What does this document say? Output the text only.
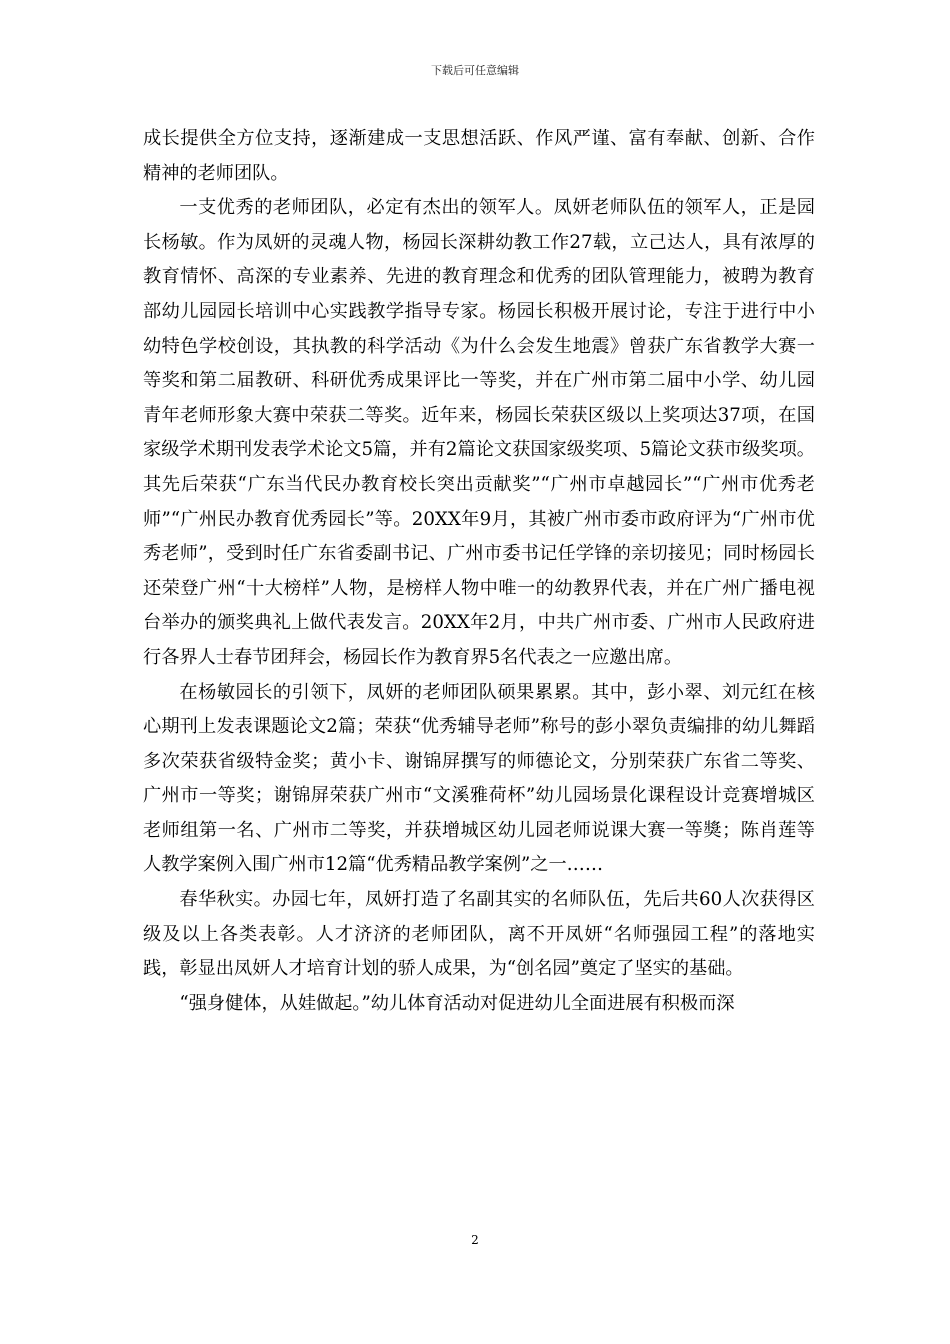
下载后可任意编辑

成长提供全方位支持，逐渐建成一支思想活跃、作风严谨、富有奉献、创新、合作精神的老师团队。

一支优秀的老师团队，必定有杰出的领军人。凤妍老师队伍的领军人，正是园长杨敏。作为凤妍的灵魂人物，杨园长深耕幼教工作27载，立己达人，具有浓厚的教育情怀、高深的专业素养、先进的教育理念和优秀的团队管理能力，被聘为教育部幼儿园园长培训中心实践教学指导专家。杨园长积极开展讨论，专注于进行中小幼特色学校创设，其执教的科学活动《为什么会发生地震》曾获广东省教学大赛一等奖和第二届教研、科研优秀成果评比一等奖，并在广州市第二届中小学、幼儿园青年老师形象大赛中荣获二等奖。近年来，杨园长荣获区级以上奖项达37项，在国家级学术期刊发表学术论文5篇，并有2篇论文获国家级奖项、5篇论文获市级奖项。其先后荣获“广东当代民办教育校长突出贡献奖”“广州市卓越园长”“广州市优秀老师”“广州民办教育优秀园长”等。20XX年9月，其被广州市委市政府评为“广州市优秀老师”，受到时任广东省委副书记、广州市委书记任学锋的亲切接见；同时杨园长还荣登广州“十大榜样”人物，是榜样人物中唯一的幼教界代表，并在广州广播电视台举办的颁奖典礼上做代表发言。20XX年2月，中共广州市委、广州市人民政府进行各界人士春节团拜会，杨园长作为教育界5名代表之一应邀出席。

在杨敏园长的引领下，凤妍的老师团队硕果累累。其中，彭小翠、刘元红在核心期刊上发表课题论文2篇；荣获“优秀辅导老师”称号的彭小翠负责编排的幼儿舞蹈多次荣获省级特金奖；黄小卡、谢锦屏撰写的师德论文，分别荣获广东省二等奖、广州市一等奖；谢锦屏荣获广州市“文溪雅荷杯”幼儿园场景化课程设计竞赛增城区老师组第一名、广州市二等奖，并获增城区幼儿园老师说课大赛一等獎；陈肖莲等人教学案例入围广州市12篇“优秀精品教学案例”之一……

春华秋实。办园七年，凤妍打造了名副其实的名师队伍，先后共60人次获得区级及以上各类表彰。人才济济的老师团队，离不开凤妍“名师强园工程”的落地实践，彰显出凤妍人才培育计划的骄人成果，为“创名园”奠定了坚实的基础。

“强身健体，从娃做起。”幼儿体育活动对促进幼儿全面进展有积极而深

2
